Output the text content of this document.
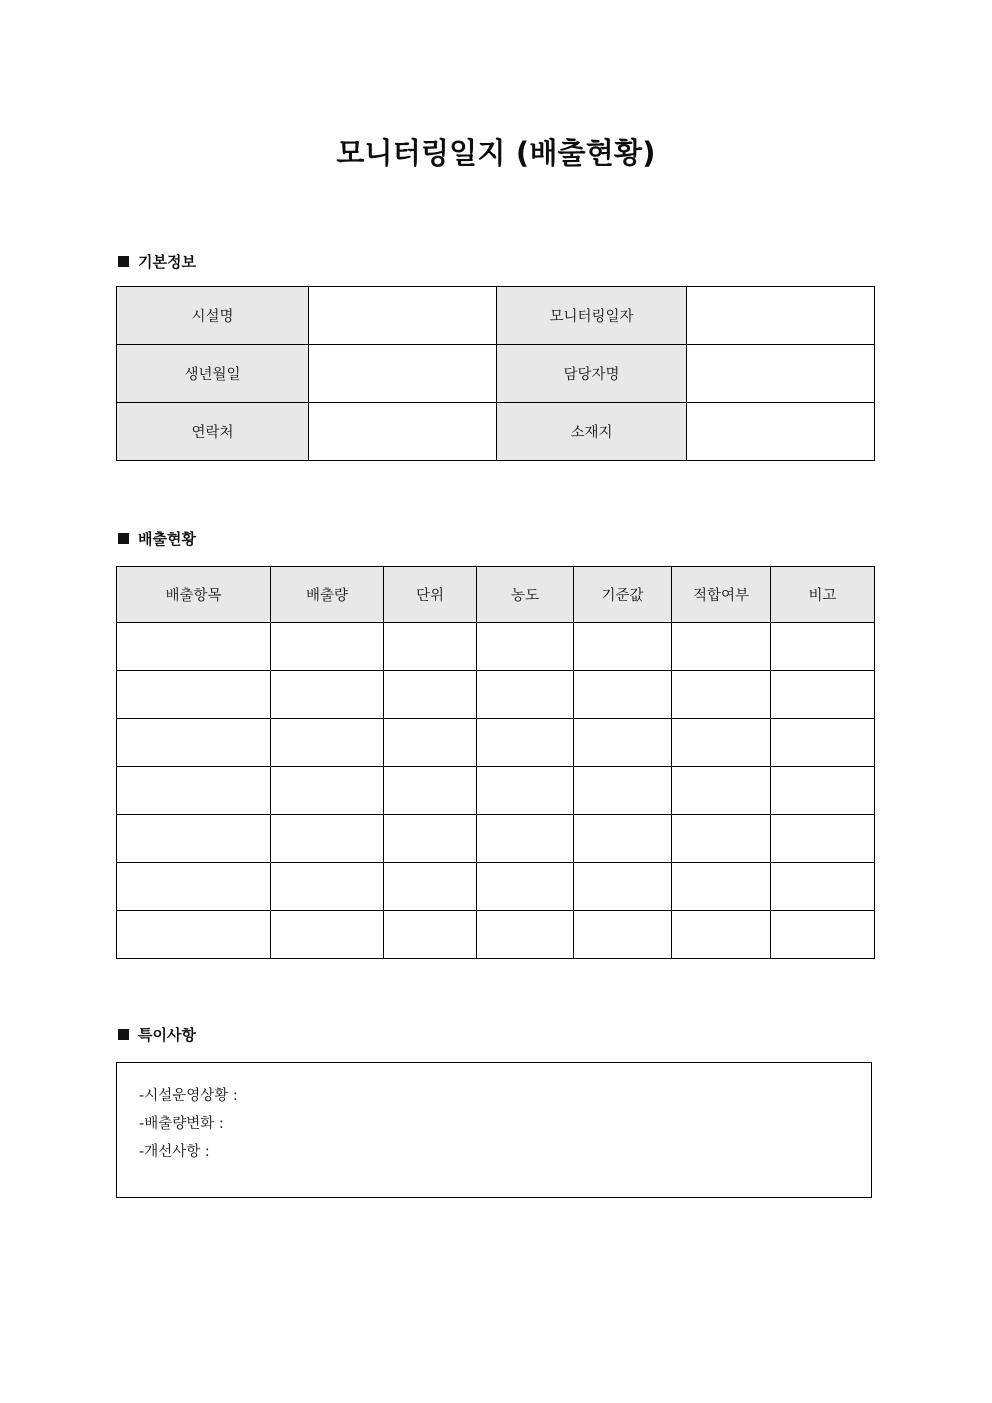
모니터링일지 (배출현황)
기본정보
시설명		모니터링일자	
생년월일		담당자명	
연락처		소재지	
배출현황
배출항목	배출량	단위	농도	기준값	적합여부	비고

특이사항
-시설운영상황 :
-배출량변화 :
-개선사항 :
